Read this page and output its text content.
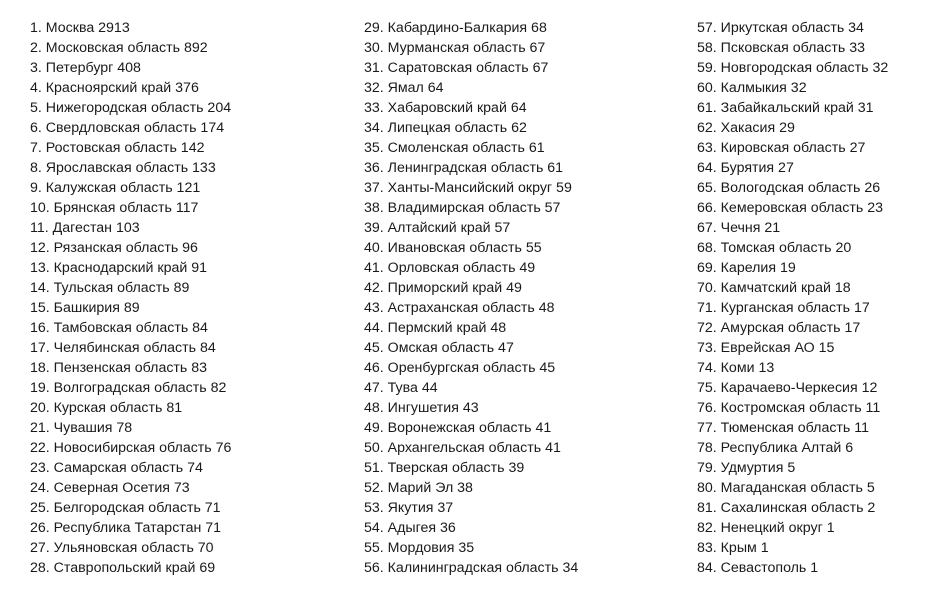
1. Москва 2913
2. Московская область 892
3. Петербург 408
4. Красноярский край 376
5. Нижегородская область 204
6. Свердловская область 174
7. Ростовская область 142
8. Ярославская область 133
9. Калужская область 121
10. Брянская область 117
11. Дагестан 103
12. Рязанская область 96
13. Краснодарский край 91
14. Тульская область 89
15. Башкирия 89
16. Тамбовская область 84
17. Челябинская область 84
18. Пензенская область 83
19. Волгоградская область 82
20. Курская область 81
21. Чувашия 78
22. Новосибирская область 76
23. Самарская область 74
24. Северная Осетия 73
25. Белгородская область 71
26. Республика Татарстан 71
27. Ульяновская область 70
28. Ставропольский край 69
29. Кабардино-Балкария 68
30. Мурманская область 67
31. Саратовская область 67
32. Ямал 64
33. Хабаровский край 64
34. Липецкая область 62
35. Смоленская область 61
36. Ленинградская область 61
37. Ханты-Мансийский округ 59
38. Владимирская область 57
39. Алтайский край 57
40. Ивановская область 55
41. Орловская область 49
42. Приморский край 49
43. Астраханская область 48
44. Пермский край 48
45. Омская область 47
46. Оренбургская область 45
47. Тува 44
48. Ингушетия 43
49. Воронежская область 41
50. Архангельская область 41
51. Тверская область 39
52. Марий Эл 38
53. Якутия 37
54. Адыгея 36
55. Мордовия 35
56. Калининградская область 34
57. Иркутская область 34
58. Псковская область 33
59. Новгородская область 32
60. Калмыкия 32
61. Забайкальский край 31
62. Хакасия 29
63. Кировская область 27
64. Бурятия 27
65. Вологодская область 26
66. Кемеровская область 23
67. Чечня 21
68. Томская область 20
69. Карелия 19
70. Камчатский край 18
71. Курганская область 17
72. Амурская область 17
73. Еврейская АО 15
74. Коми 13
75. Карачаево-Черкесия 12
76. Костромская область 11
77. Тюменская область 11
78. Республика Алтай 6
79. Удмуртия 5
80. Магаданская область 5
81. Сахалинская область 2
82. Ненецкий округ 1
83. Крым 1
84. Севастополь 1
